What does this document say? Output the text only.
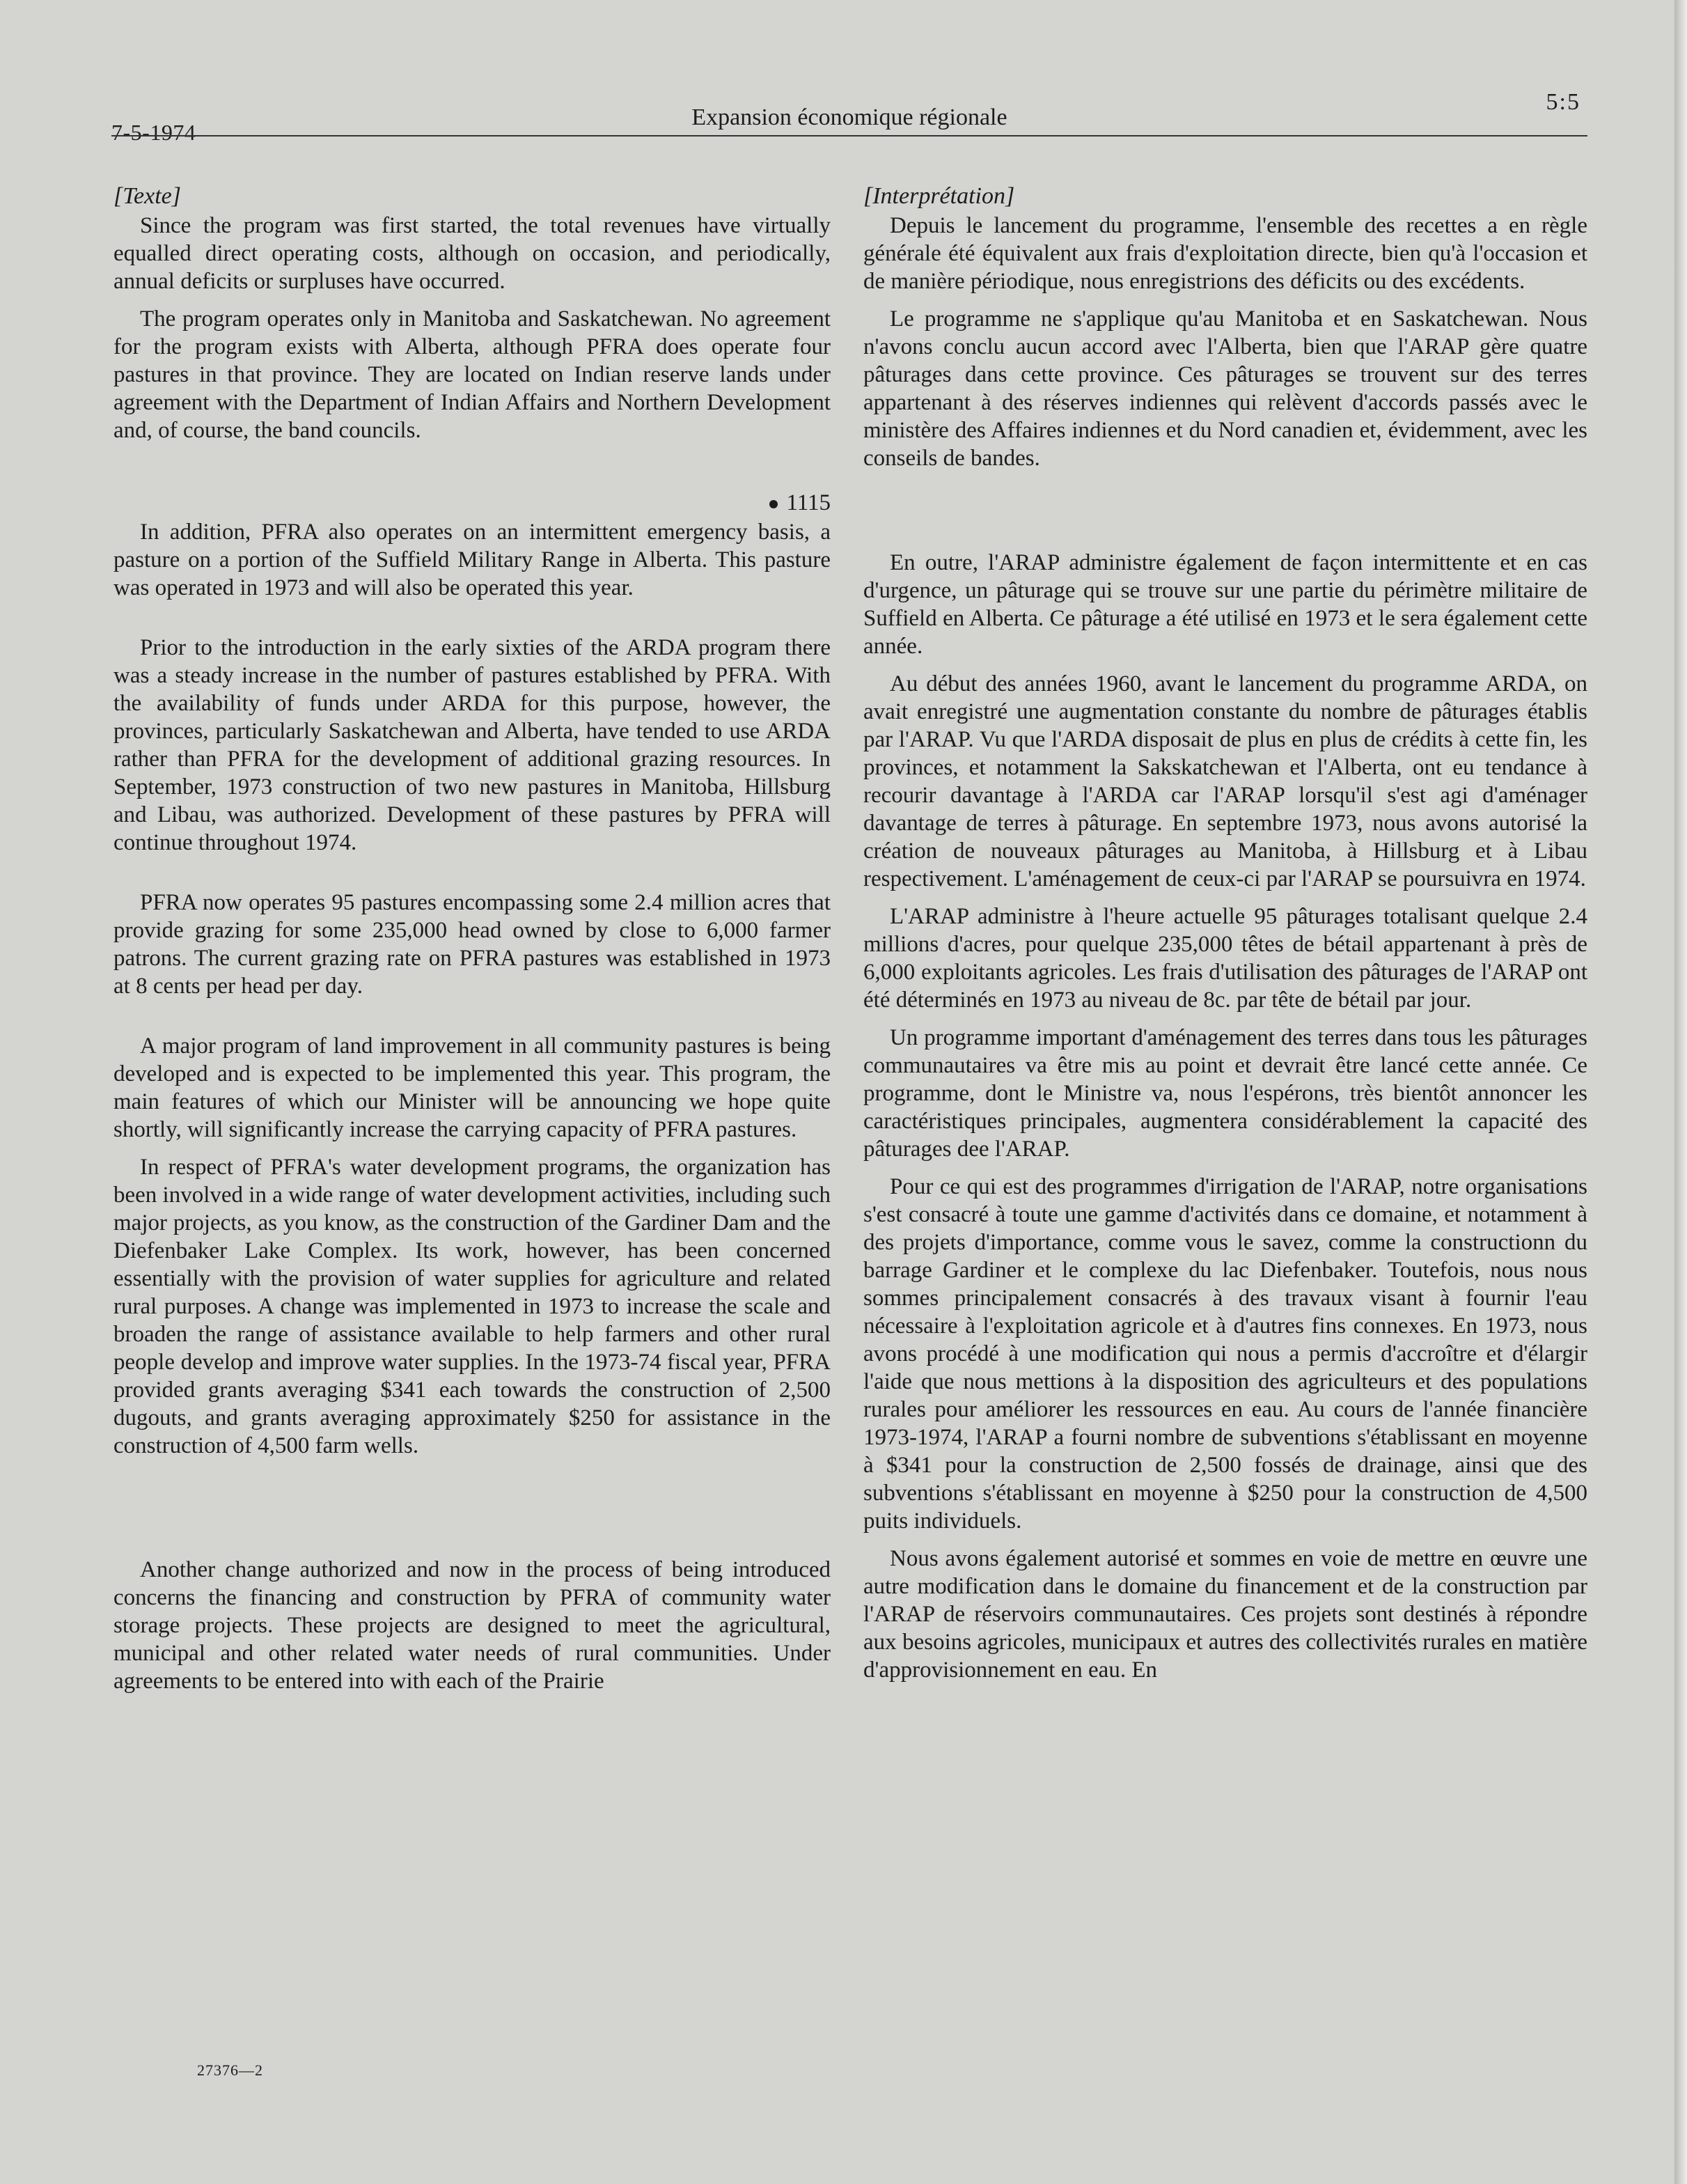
7-5-1974
Expansion économique régionale
5:5
[Texte]

Since the program was first started, the total revenues have virtually equalled direct operating costs, although on occasion, and periodically, annual deficits or surpluses have occurred.

The program operates only in Manitoba and Saskatchewan. No agreement for the program exists with Alberta, although PFRA does operate four pastures in that province. They are located on Indian reserve lands under agreement with the Department of Indian Affairs and Northern Development and, of course, the band councils.

1115

In addition, PFRA also operates on an intermittent emergency basis, a pasture on a portion of the Suffield Military Range in Alberta. This pasture was operated in 1973 and will also be operated this year.

Prior to the introduction in the early sixties of the ARDA program there was a steady increase in the number of pastures established by PFRA. With the availability of funds under ARDA for this purpose, however, the provinces, particularly Saskatchewan and Alberta, have tended to use ARDA rather than PFRA for the development of additional grazing resources. In September, 1973 construction of two new pastures in Manitoba, Hillsburg and Libau, was authorized. Development of these pastures by PFRA will continue throughout 1974.

PFRA now operates 95 pastures encompassing some 2.4 million acres that provide grazing for some 235,000 head owned by close to 6,000 farmer patrons. The current grazing rate on PFRA pastures was established in 1973 at 8 cents per head per day.

A major program of land improvement in all community pastures is being developed and is expected to be implemented this year. This program, the main features of which our Minister will be announcing we hope quite shortly, will significantly increase the carrying capacity of PFRA pastures.

In respect of PFRA's water development programs, the organization has been involved in a wide range of water development activities, including such major projects, as you know, as the construction of the Gardiner Dam and the Diefenbaker Lake Complex. Its work, however, has been concerned essentially with the provision of water supplies for agriculture and related rural purposes. A change was implemented in 1973 to increase the scale and broaden the range of assistance available to help farmers and other rural people develop and improve water supplies. In the 1973-74 fiscal year, PFRA provided grants averaging $341 each towards the construction of 2,500 dugouts, and grants averaging approximately $250 for assistance in the construction of 4,500 farm wells.

Another change authorized and now in the process of being introduced concerns the financing and construction by PFRA of community water storage projects. These projects are designed to meet the agricultural, municipal and other related water needs of rural communities. Under agreements to be entered into with each of the Prairie

[Interprétation]

Depuis le lancement du programme, l'ensemble des recettes a en règle générale été équivalent aux frais d'exploitation directe, bien qu'à l'occasion et de manière périodique, nous enregistrions des déficits ou des excédents.

Le programme ne s'applique qu'au Manitoba et en Saskatchewan. Nous n'avons conclu aucun accord avec l'Alberta, bien que l'ARAP gère quatre pâturages dans cette province. Ces pâturages se trouvent sur des terres appartenant à des réserves indiennes qui relèvent d'accords passés avec le ministère des Affaires indiennes et du Nord canadien et, évidemment, avec les conseils de bandes.

En outre, l'ARAP administre également de façon intermittente et en cas d'urgence, un pâturage qui se trouve sur une partie du périmètre militaire de Suffield en Alberta. Ce pâturage a été utilisé en 1973 et le sera également cette année.

Au début des années 1960, avant le lancement du programme ARDA, on avait enregistré une augmentation constante du nombre de pâturages établis par l'ARAP. Vu que l'ARDA disposait de plus en plus de crédits à cette fin, les provinces, et notamment la Sakskatchewan et l'Alberta, ont eu tendance à recourir davantage à l'ARDA car l'ARAP lorsqu'il s'est agi d'aménager davantage de terres à pâturage. En septembre 1973, nous avons autorisé la création de nouveaux pâturages au Manitoba, à Hillsburg et à Libau respectivement. L'aménagement de ceux-ci par l'ARAP se poursuivra en 1974.

L'ARAP administre à l'heure actuelle 95 pâturages totalisant quelque 2.4 millions d'acres, pour quelque 235,000 têtes de bétail appartenant à près de 6,000 exploitants agricoles. Les frais d'utilisation des pâturages de l'ARAP ont été déterminés en 1973 au niveau de 8c. par tête de bétail par jour.

Un programme important d'aménagement des terres dans tous les pâturages communautaires va être mis au point et devrait être lancé cette année. Ce programme, dont le Ministre va, nous l'espérons, très bientôt annoncer les caractéristiques principales, augmentera considérablement la capacité des pâturages dee l'ARAP.

Pour ce qui est des programmes d'irrigation de l'ARAP, notre organisations s'est consacré à toute une gamme d'activités dans ce domaine, et notamment à des projets d'importance, comme vous le savez, comme la constructionn du barrage Gardiner et le complexe du lac Diefenbaker. Toutefois, nous nous sommes principalement consacrés à des travaux visant à fournir l'eau nécessaire à l'exploitation agricole et à d'autres fins connexes. En 1973, nous avons procédé à une modification qui nous a permis d'accroître et d'élargir l'aide que nous mettions à la disposition des agriculteurs et des populations rurales pour améliorer les ressources en eau. Au cours de l'année financière 1973-1974, l'ARAP a fourni nombre de subventions s'établissant en moyenne à $341 pour la construction de 2,500 fossés de drainage, ainsi que des subventions s'établissant en moyenne à $250 pour la construction de 4,500 puits individuels.

Nous avons également autorisé et sommes en voie de mettre en œuvre une autre modification dans le domaine du financement et de la construction par l'ARAP de réservoirs communautaires. Ces projets sont destinés à répondre aux besoins agricoles, municipaux et autres des collectivités rurales en matière d'approvisionnement en eau. En

27376—2
